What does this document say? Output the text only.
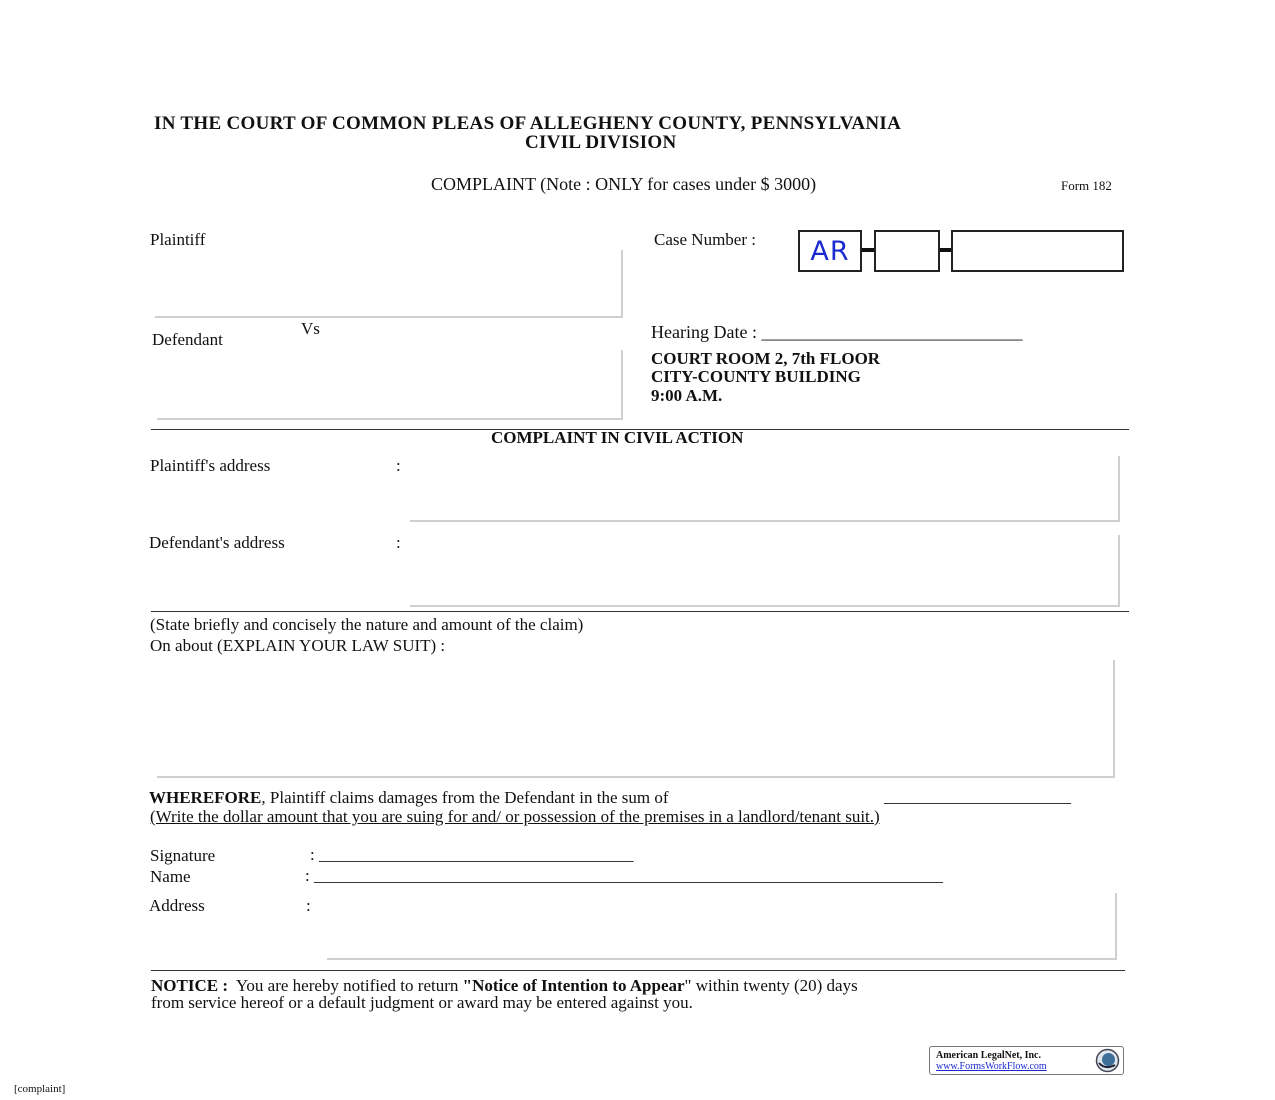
IN THE COURT OF COMMON PLEAS OF ALLEGHENY COUNTY, PENNSYLVANIA
CIVIL DIVISION
COMPLAINT (Note : ONLY for cases under $ 3000)	Form 182
Plaintiff
Vs
Defendant
Case Number :	AR
Hearing Date : _____________________________
COURT ROOM 2, 7th FLOOR
CITY-COUNTY BUILDING
9:00 A.M.
COMPLAINT IN CIVIL ACTION
Plaintiff's address	:
Defendant's address	:
(State briefly and concisely the nature and amount of the claim)
On about (EXPLAIN YOUR LAW SUIT) :
WHEREFORE, Plaintiff claims damages from the Defendant in the sum of	______________________
(Write the dollar amount that you are suing for and/ or possession of the premises in a landlord/tenant suit.)
Signature	: _____________________________________
Name	: __________________________________________________________________________
Address	:
NOTICE :  You are hereby notified to return "Notice of Intention to Appear" within twenty (20) days
from service hereof or a default judgment or award may be entered against you.
[complaint]
American LegalNet, Inc.
www.FormsWorkFlow.com
